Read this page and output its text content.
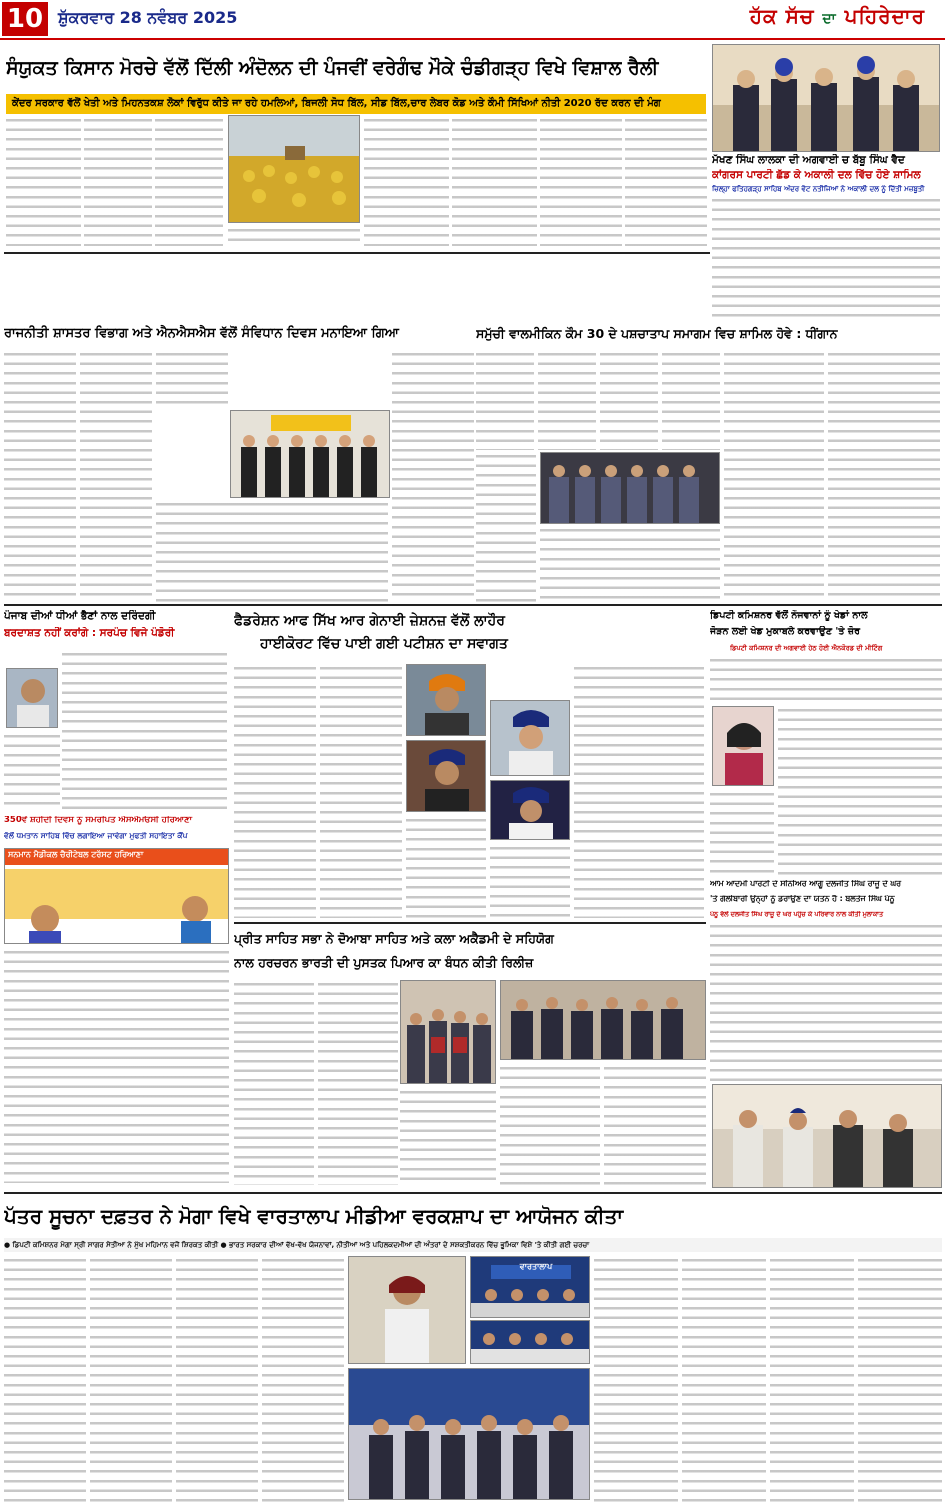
10 ਸ਼ੁੱਕਰਵਾਰ 28 ਨਵੰਬਰ 2025	ਹੱਕ ਸੱਚ ਦਾ ਪਹਿਰੇਦਾਰ
ਸੰਯੁਕਤ ਕਿਸਾਨ ਮੋਰਚੇ ਵੱਲੋਂ ਦਿੱਲੀ ਅੰਦੋਲਨ ਦੀ ਪੰਜਵੀਂ ਵਰੇਗੰਢ ਮੌਕੇ ਚੰਡੀਗੜ੍ਹ ਵਿਖੇ ਵਿਸ਼ਾਲ ਰੈਲੀ
ਕੇਂਦਰ ਸਰਕਾਰ ਵੱਲੋਂ ਖੇਤੀ ਅਤੇ ਮਿਹਨਤਕਸ਼ ਲੋਕਾਂ ਵਿਰੁੱਧ ਕੀਤੇ ਜਾ ਰਹੇ ਹਮਲਿਆਂ, ਬਿਜਲੀ ਸੋਧ ਬਿੱਲ, ਸੀਡ ਬਿੱਲ,ਚਾਰ ਲੇਬਰ ਕੋਡ ਅਤੇ ਕੌਮੀ ਸਿੱਖਿਆਂ ਨੀਤੀ 2020 ਰੱਦ ਕਰਨ ਦੀ ਮੰਗ
ਮੱਖਣ ਸਿੰਘ ਲਾਲਕਾ ਦੀ ਅਗਵਾਈ ਚ ਬੱਬੂ ਸਿੰਘ ਵੈਦ
ਕਾਂਗਰਸ ਪਾਰਟੀ ਛੱਡ ਕੇ ਅਕਾਲੀ ਦਲ ਵਿੱਚ ਹੋਏ ਸ਼ਾਮਿਲ
ਜ਼ਿਲ੍ਹਾ ਫਤਿਹਗੜ੍ਹ ਸਾਹਿਬ ਅੰਦਰ ਵੋਟ ਨਤੀਜਿਆਂ ਨੇ ਅਕਾਲੀ ਦਲ ਨੂੰ ਦਿੱਤੀ ਮਜ਼ਬੂਤੀ
ਰਾਜਨੀਤੀ ਸ਼ਾਸਤਰ ਵਿਭਾਗ ਅਤੇ ਐਨਐਸਐਸ ਵੱਲੋਂ ਸੰਵਿਧਾਨ ਦਿਵਸ ਮਨਾਇਆ ਗਿਆ	ਸਮੁੱਚੀ ਵਾਲਮੀਕਿਨ ਕੌਮ 30 ਦੇ ਪਸ਼ਚਾਤਾਪ ਸਮਾਗਮ ਵਿਚ ਸ਼ਾਮਿਲ ਹੋਵੇ : ਧੀਂਗਾਨ
ਪੰਜਾਬ ਦੀਆਂ ਧੀਆਂ ਭੈਣਾਂ ਨਾਲ ਦਰਿੰਦਗੀ
ਬਰਦਾਸ਼ਤ ਨਹੀਂ ਕਰਾਂਗੇ : ਸਰਪੰਚ ਵਿਜੇ ਪੰਡੋਰੀ
350ਵੇਂ ਸ਼ਹੀਦੀ ਦਿਵਸ ਨੂੰ ਸਮਰਪਿਤ ਐਸਐਮਓਸੀ ਹਰਿਆਣਾ
ਵੱਲੋਂ ਧਮਤਾਨ ਸਾਹਿਬ ਵਿੱਚ ਲਗਾਇਆ ਜਾਵੇਗਾ ਮੁਫਤੀ ਸਹਾਇਤਾ ਕੈਂਪ
ਸਨਮਾਨ ਮੈਡੀਕਲ ਚੈਰੀਟੇਬਲ ਟਰੱਸਟ ਹਰਿਆਣਾ
ਫੈਡਰੇਸ਼ਨ ਆਫ ਸਿੱਖ ਆਰ ਗੇਨਾਈ ਜ਼ੇਸ਼ਨਜ਼ ਵੱਲੋਂ ਲਾਹੌਰ
ਹਾਈਕੋਰਟ ਵਿੱਚ ਪਾਈ ਗਈ ਪਟੀਸ਼ਨ ਦਾ ਸਵਾਗਤ
ਡਿਪਟੀ ਕਮਿਸ਼ਨਰ ਵੱਲੋਂ ਨੌਜਵਾਨਾਂ ਨੂੰ ਖੇਡਾਂ ਨਾਲ
ਜੋੜਨ ਲਈ ਖੇਡ ਮੁਕਾਬਲੇ ਕਰਵਾਉਣ 'ਤੇ ਜ਼ੋਰ
ਡਿਪਟੀ ਕਮਿਸ਼ਨਰ ਦੀ ਅਗਵਾਈ ਹੇਠ ਹੋਈ ਐਨਕੋਰਡ ਦੀ ਮੀਟਿੰਗ
ਆਮ ਆਦਮੀ ਪਾਰਟੀ ਦੇ ਸੀਨੀਅਰ ਆਗੂ ਦਲਜੀਤ ਸਿੰਘ ਰਾਜੂ ਦੇ ਘਰ
'ਤੇ ਗੋਲੀਬਾਰੀ ਉਨ੍ਹਾਂ ਨੂੰ ਡਰਾਉਣ ਦਾ ਯਤਨ ਹੈ : ਬਲਤੇਜ ਸਿੰਘ ਪੰਨੂ
ਪੰਨੂ ਵੱਲੋਂ ਦਲਜੀਤ ਸਿੰਘ ਰਾਜੂ ਦੇ ਘਰ ਪਹੁੰਚ ਕੇ ਪਰਿਵਾਰ ਨਾਲ ਕੀਤੀ ਮੁਲਾਕਾਤ
ਪ੍ਰੀਤ ਸਾਹਿਤ ਸਭਾ ਨੇ ਦੋਆਬਾ ਸਾਹਿਤ ਅਤੇ ਕਲਾ ਅਕੈਡਮੀ ਦੇ ਸਹਿਯੋਗ
ਨਾਲ ਹਰਚਰਨ ਭਾਰਤੀ ਦੀ ਪੁਸਤਕ ਪਿਆਰ ਕਾ ਬੰਧਨ ਕੀਤੀ ਰਿਲੀਜ਼
ਪੱਤਰ ਸੂਚਨਾ ਦਫ਼ਤਰ ਨੇ ਮੋਗਾ ਵਿਖੇ ਵਾਰਤਾਲਾਪ ਮੀਡੀਆ ਵਰਕਸ਼ਾਪ ਦਾ ਆਯੋਜਨ ਕੀਤਾ
● ਡਿਪਟੀ ਕਮਿਸ਼ਨਰ ਮੋਗਾ ਸ੍ਰੀ ਸਾਗਰ ਸੇਤੀਆ ਨੇ ਮੁੱਖ ਮਹਿਮਾਨ ਵਜੋਂ ਸ਼ਿਰਕਤ ਕੀਤੀ ● ਭਾਰਤ ਸਰਕਾਰ ਦੀਆਂ ਵੱਖ-ਵੱਖ ਯੋਜਨਾਵਾਂ, ਨੀਤੀਆਂ ਅਤੇ ਪਹਿਲਕਦਮੀਆਂ ਦੀ ਅੰਤਰਾਂ ਦੇ ਸਸ਼ਕਤੀਕਰਨ ਵਿੱਚ ਭੂਮਿਕਾ ਵਿਸ਼ੇ 'ਤੇ ਕੀਤੀ ਗਈ ਚਰਚਾ
ਵਾਰਤਾਲਾਪ
